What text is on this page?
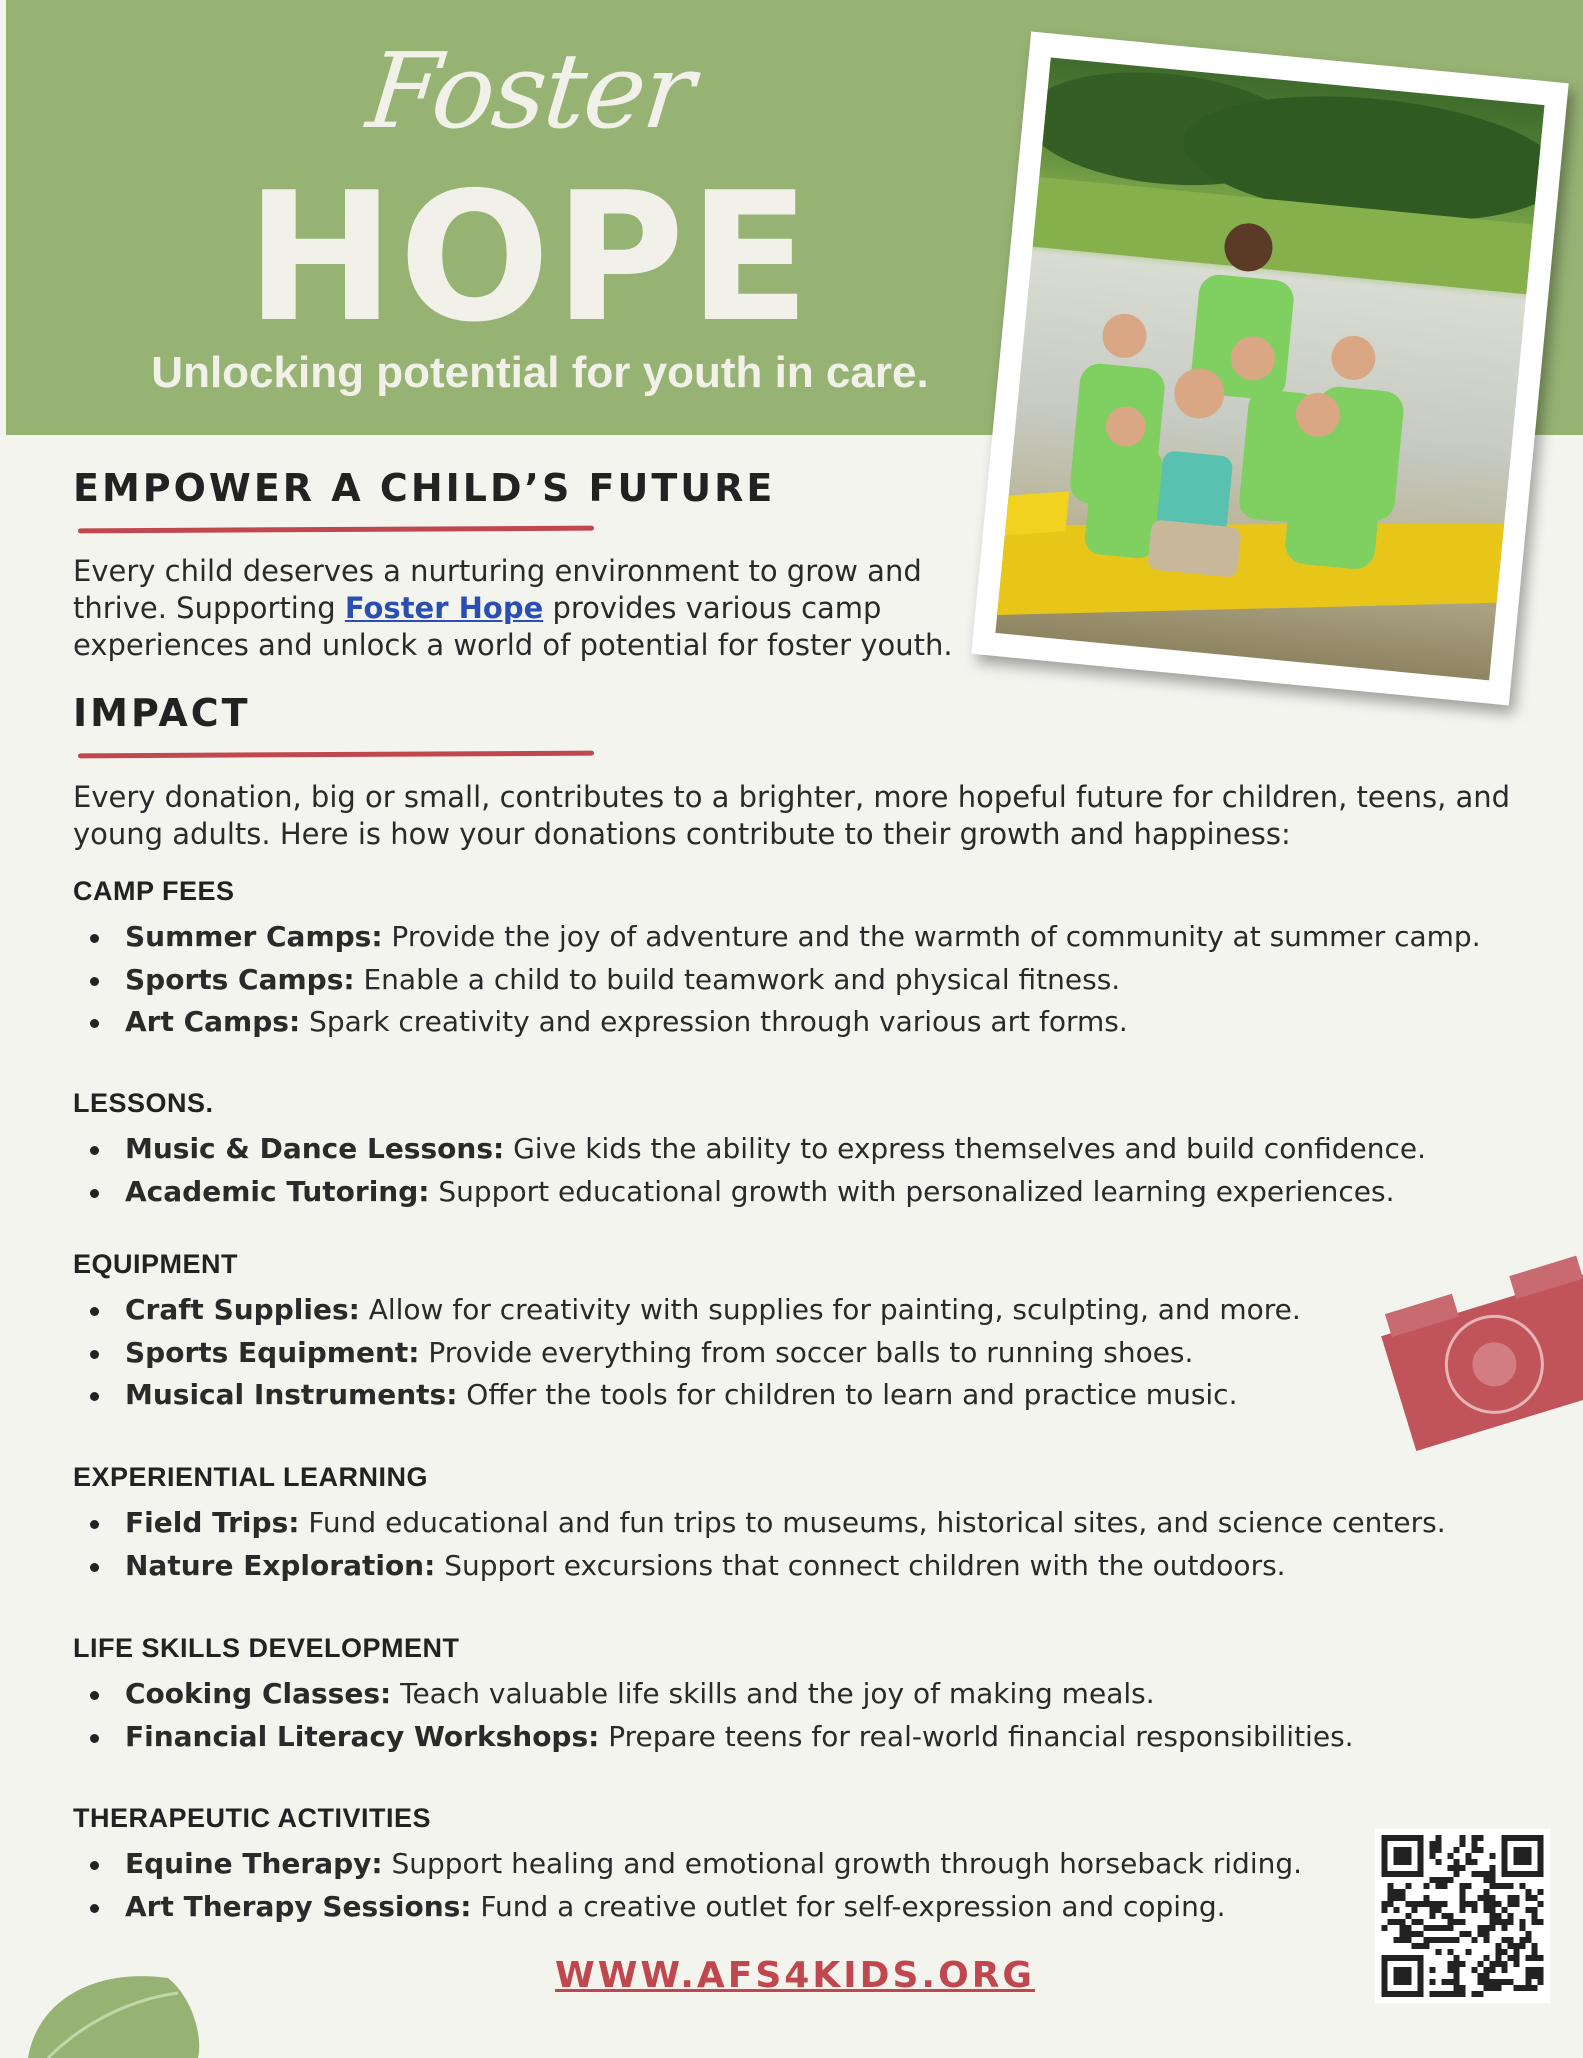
Foster
HOPE
Unlocking potential for youth in care.
EMPOWER A CHILD’S FUTURE
Every child deserves a nurturing environment to grow and
thrive. Supporting Foster Hope provides various camp
experiences and unlock a world of potential for foster youth.
IMPACT
Every donation, big or small, contributes to a brighter, more hopeful future for children, teens, and
young adults. Here is how your donations contribute to their growth and happiness:
CAMP FEES
Summer Camps: Provide the joy of adventure and the warmth of community at summer camp.
Sports Camps: Enable a child to build teamwork and physical fitness.
Art Camps: Spark creativity and expression through various art forms.
LESSONS.
Music & Dance Lessons: Give kids the ability to express themselves and build confidence.
Academic Tutoring: Support educational growth with personalized learning experiences.
EQUIPMENT
Craft Supplies: Allow for creativity with supplies for painting, sculpting, and more.
Sports Equipment: Provide everything from soccer balls to running shoes.
Musical Instruments: Offer the tools for children to learn and practice music.
EXPERIENTIAL LEARNING
Field Trips: Fund educational and fun trips to museums, historical sites, and science centers.
Nature Exploration: Support excursions that connect children with the outdoors.
LIFE SKILLS DEVELOPMENT
Cooking Classes: Teach valuable life skills and the joy of making meals.
Financial Literacy Workshops: Prepare teens for real-world financial responsibilities.
THERAPEUTIC ACTIVITIES
Equine Therapy: Support healing and emotional growth through horseback riding.
Art Therapy Sessions: Fund a creative outlet for self-expression and coping.
WWW.AFS4KIDS.ORG
